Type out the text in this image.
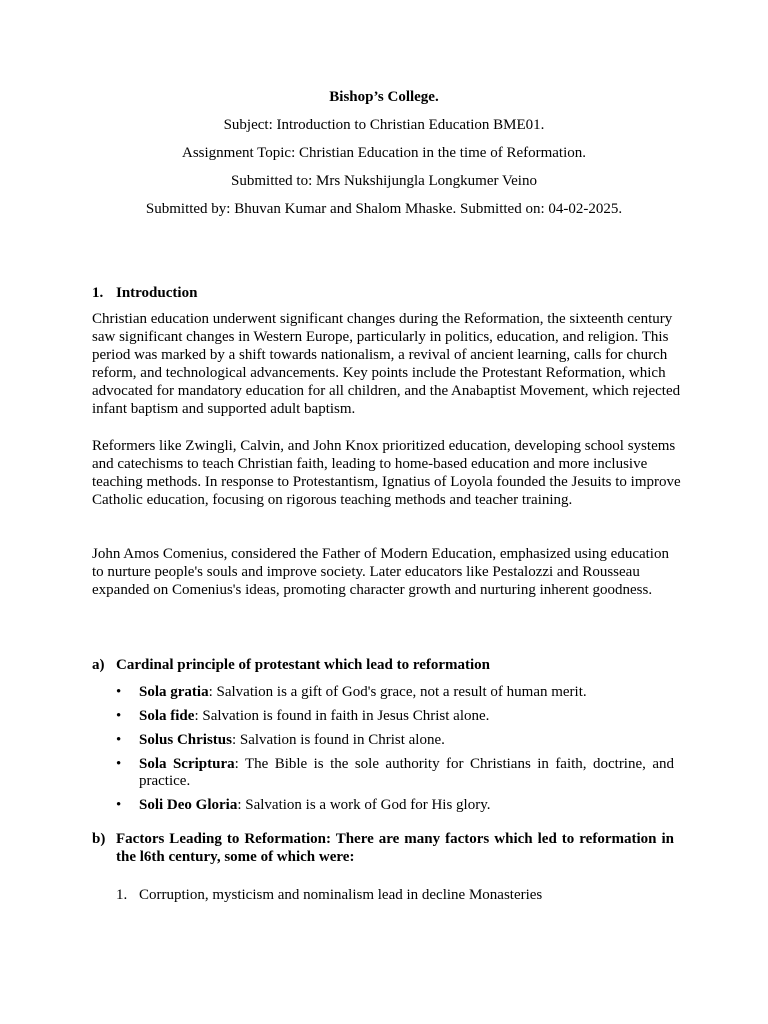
Bishop’s College.
Subject: Introduction to Christian Education BME01.
Assignment Topic: Christian Education in the time of Reformation.
Submitted to: Mrs Nukshijungla Longkumer Veino
Submitted by: Bhuvan Kumar and Shalom Mhaske. Submitted on: 04-02-2025.
1. Introduction

Christian education underwent significant changes during the Reformation, the sixteenth century saw significant changes in Western Europe, particularly in politics, education, and religion. This period was marked by a shift towards nationalism, a revival of ancient learning, calls for church reform, and technological advancements. Key points include the Protestant Reformation, which advocated for mandatory education for all children, and the Anabaptist Movement, which rejected infant baptism and supported adult baptism.

Reformers like Zwingli, Calvin, and John Knox prioritized education, developing school systems and catechisms to teach Christian faith, leading to home-based education and more inclusive teaching methods. In response to Protestantism, Ignatius of Loyola founded the Jesuits to improve Catholic education, focusing on rigorous teaching methods and teacher training.

John Amos Comenius, considered the Father of Modern Education, emphasized using education to nurture people's souls and improve society. Later educators like Pestalozzi and Rousseau expanded on Comenius's ideas, promoting character growth and nurturing inherent goodness.

a) Cardinal principle of protestant which lead to reformation
• Sola gratia: Salvation is a gift of God's grace, not a result of human merit.
• Sola fide: Salvation is found in faith in Jesus Christ alone.
• Solus Christus: Salvation is found in Christ alone.
• Sola Scriptura: The Bible is the sole authority for Christians in faith, doctrine, and practice.
• Soli Deo Gloria: Salvation is a work of God for His glory.
b) Factors Leading to Reformation: There are many factors which led to reformation in the l6th century, some of which were:
1. Corruption, mysticism and nominalism lead in decline Monasteries
